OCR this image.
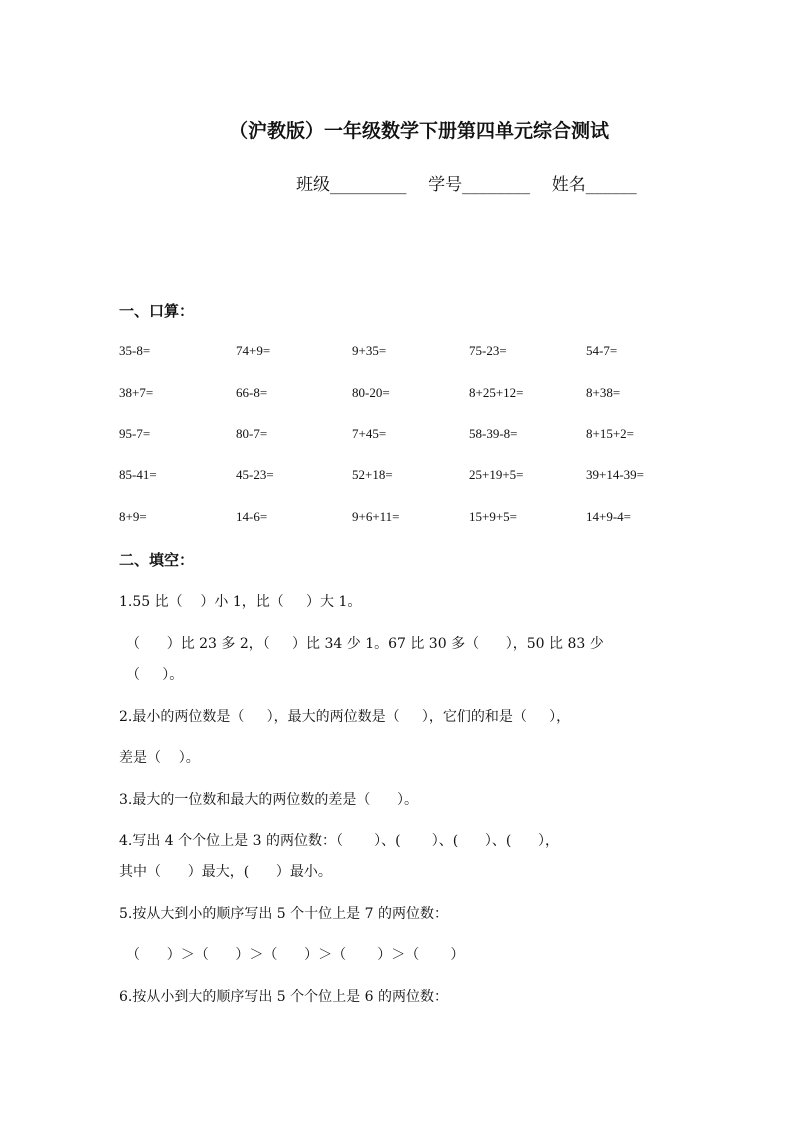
（沪教版）一年级数学下册第四单元综合测试
班级_________    学号________    姓名______
一、口算：
35-8=	74+9=	9+35=	75-23=	54-7=
38+7=	66-8=	80-20=	8+25+12=	8+38=
95-7=	80-7=	7+45=	58-39-8=	8+15+2=
85-41=	45-23=	52+18=	25+19+5=	39+14-39=
8+9=	14-6=	9+6+11=	15+9+5=	14+9-4=
二、填空：
1.55 比（    ）小 1，比（     ）大 1。
（      ）比 23 多 2，（     ）比 34 少 1。67 比 30 多（      ），50 比 83 少
（     ）。
2.最小的两位数是（     ），最大的两位数是（     ），它们的和是（     ），
差是（    ）。
3.最大的一位数和最大的两位数的差是（      ）。
4.写出 4 个个位上是 3 的两位数：（       ）、(       ）、(      ）、(      ），
其中（      ）最大，(      ）最小。
5.按从大到小的顺序写出 5 个十位上是 7 的两位数：
（      ）＞（      ）＞（      ）＞（       ）＞（       ）
6.按从小到大的顺序写出 5 个个位上是 6 的两位数：
